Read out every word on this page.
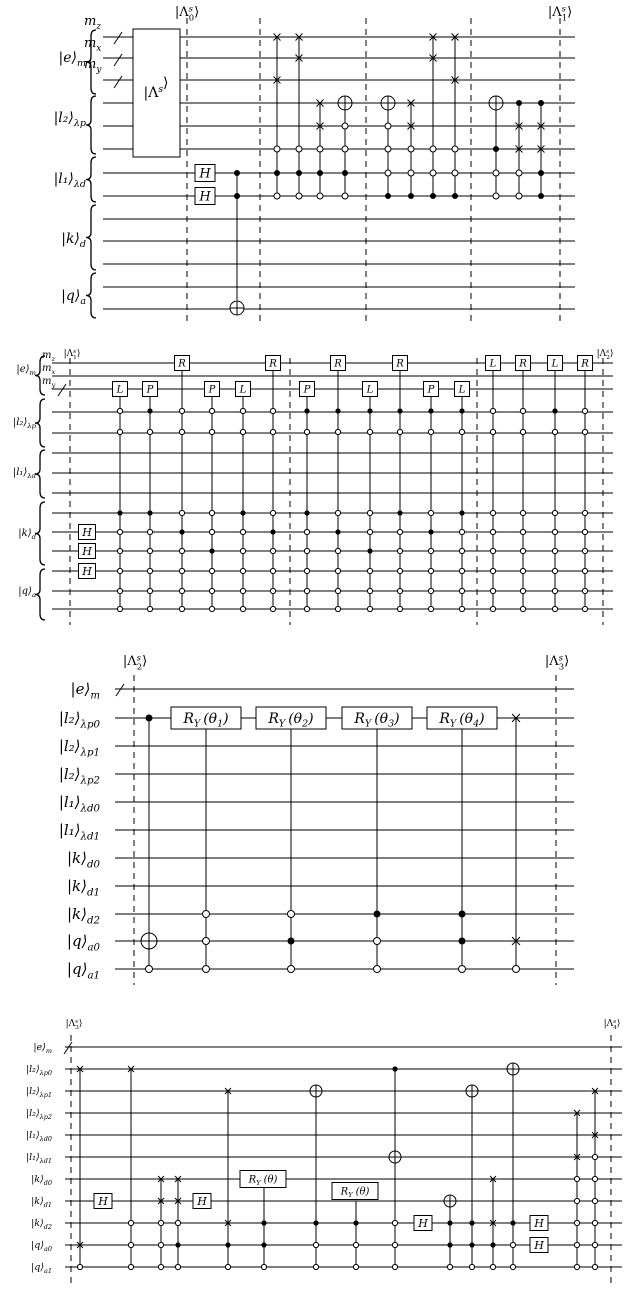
$m_z$
$m_x$
$m_y$
$|e⟩_m$
$|l_2⟩_{\lambda p}$
$|l_1⟩_{\lambda d}$
$|k⟩_d$
$|q⟩_a$
$|\Lambda^s⟩$
$|\Lambda^s$ 0⟩	$|\Lambda^s$ 1⟩
H
H
$m_z$
$m_x$
$m_y$
$|e⟩_m$
$|l_2⟩_{\lambda p}$
$|l_1⟩_{\lambda d}$
$|k⟩_d$
$|q⟩_a$
$|\Lambda^s$ 1⟩	$|\Lambda^s$ 2⟩
H
H
H
L P
R
P L
R
P
R
L
R
P L
L R L R
$|e⟩_m$
$|l_2⟩_{\lambda p0}$
$|l_2⟩_{\lambda p1}$
$|l_2⟩_{\lambda p2}$
$|l_1⟩_{\lambda d0}$
$|l_1⟩_{\lambda d1}$
$|k⟩_{d0}$
$|k⟩_{d1}$
$|k⟩_{d2}$
$|q⟩_{a0}$
$|q⟩_{a1}$
$|\Lambda^s$ 2⟩	$|\Lambda^s$ 3⟩
$R_Y$ $(\theta_1)$	$R_Y$ $(\theta_2)$	$R_Y$ $(\theta_3)$	$R_Y$ $(\theta_4)$
$|e⟩_m$
$|l_2⟩_{\lambda p0}$
$|l_2⟩_{\lambda p1}$
$|l_2⟩_{\lambda p2}$
$|l_1⟩_{\lambda d0}$
$|l_1⟩_{\lambda d1}$
$|k⟩_{d0}$
$|k⟩_{d1}$
$|k⟩_{d2}$
$|q⟩_{a0}$
$|q⟩_{a1}$
$|\Lambda^s$ 3⟩	$|\Lambda^s$ 4⟩
H	H
$R_Y$ (θ)
$R_Y$ (θ)
H	H
H
